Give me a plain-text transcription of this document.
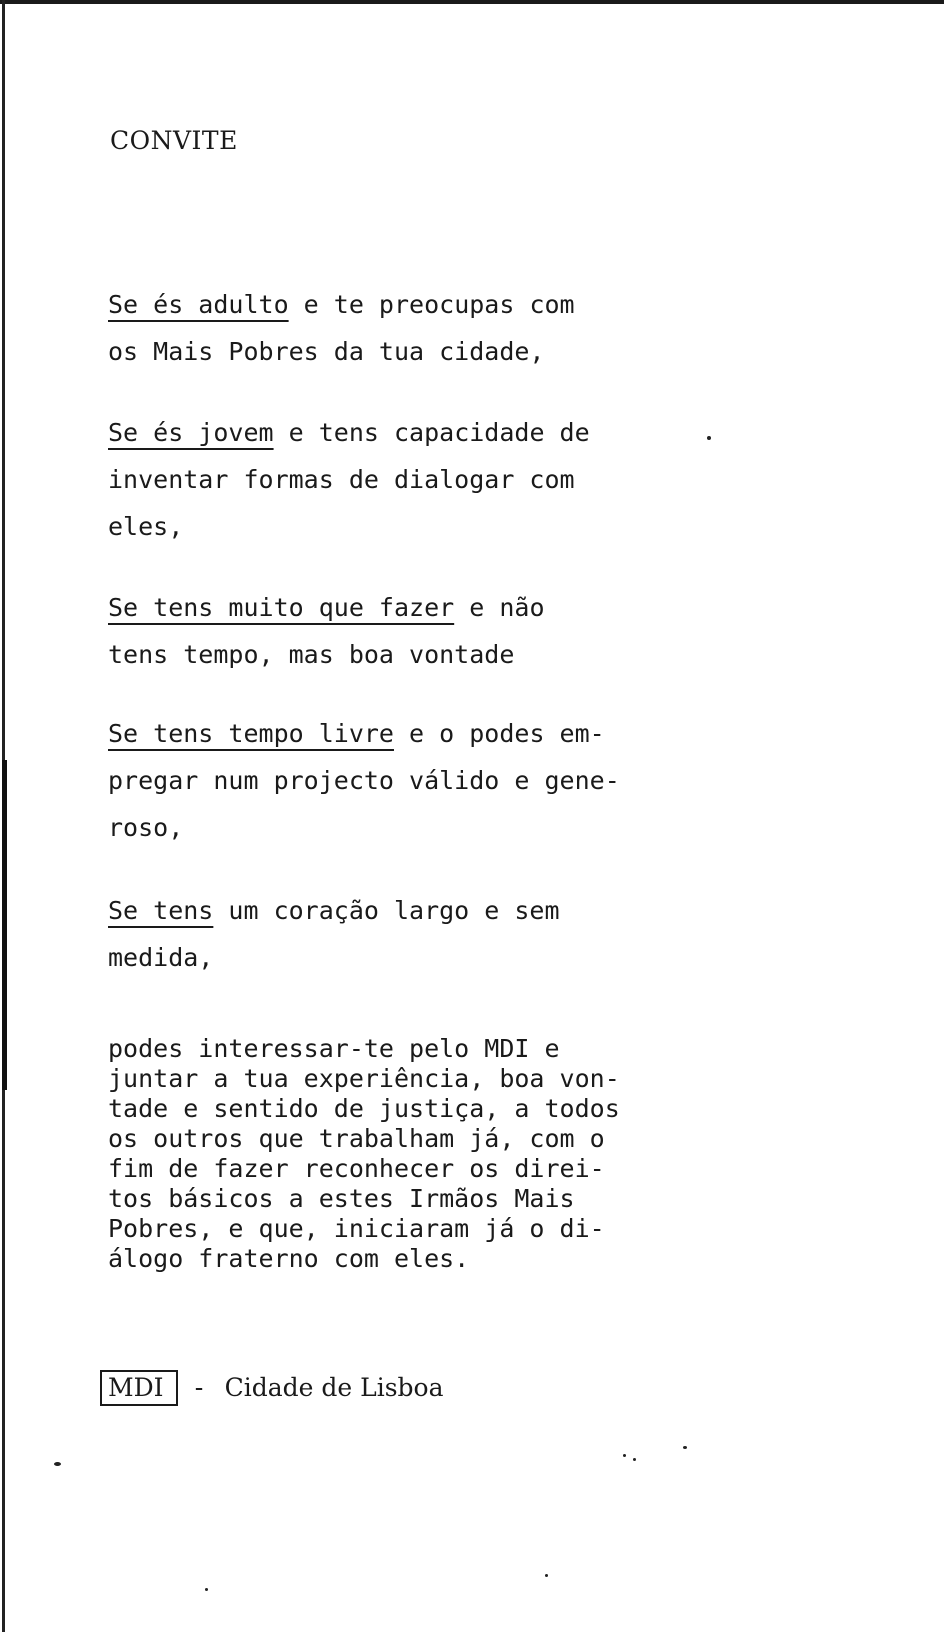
CONVITE
Se és adulto e te preocupas com
os Mais Pobres da tua cidade,
Se és jovem e tens capacidade de
inventar formas de dialogar com
eles,
Se tens muito que fazer e não
tens tempo, mas boa vontade
Se tens tempo livre e o podes em-
pregar num projecto válido e gene-
roso,
Se tens um coração largo e sem
medida,
podes interessar-te pelo MDI e
juntar a tua experiência, boa von-
tade e sentido de justiça, a todos
os outros que trabalham já, com o
fim de fazer reconhecer os direi-
tos básicos a estes Irmãos Mais
Pobres, e que, iniciaram já o di-
álogo fraterno com eles.
MDI	- Cidade de Lisboa
